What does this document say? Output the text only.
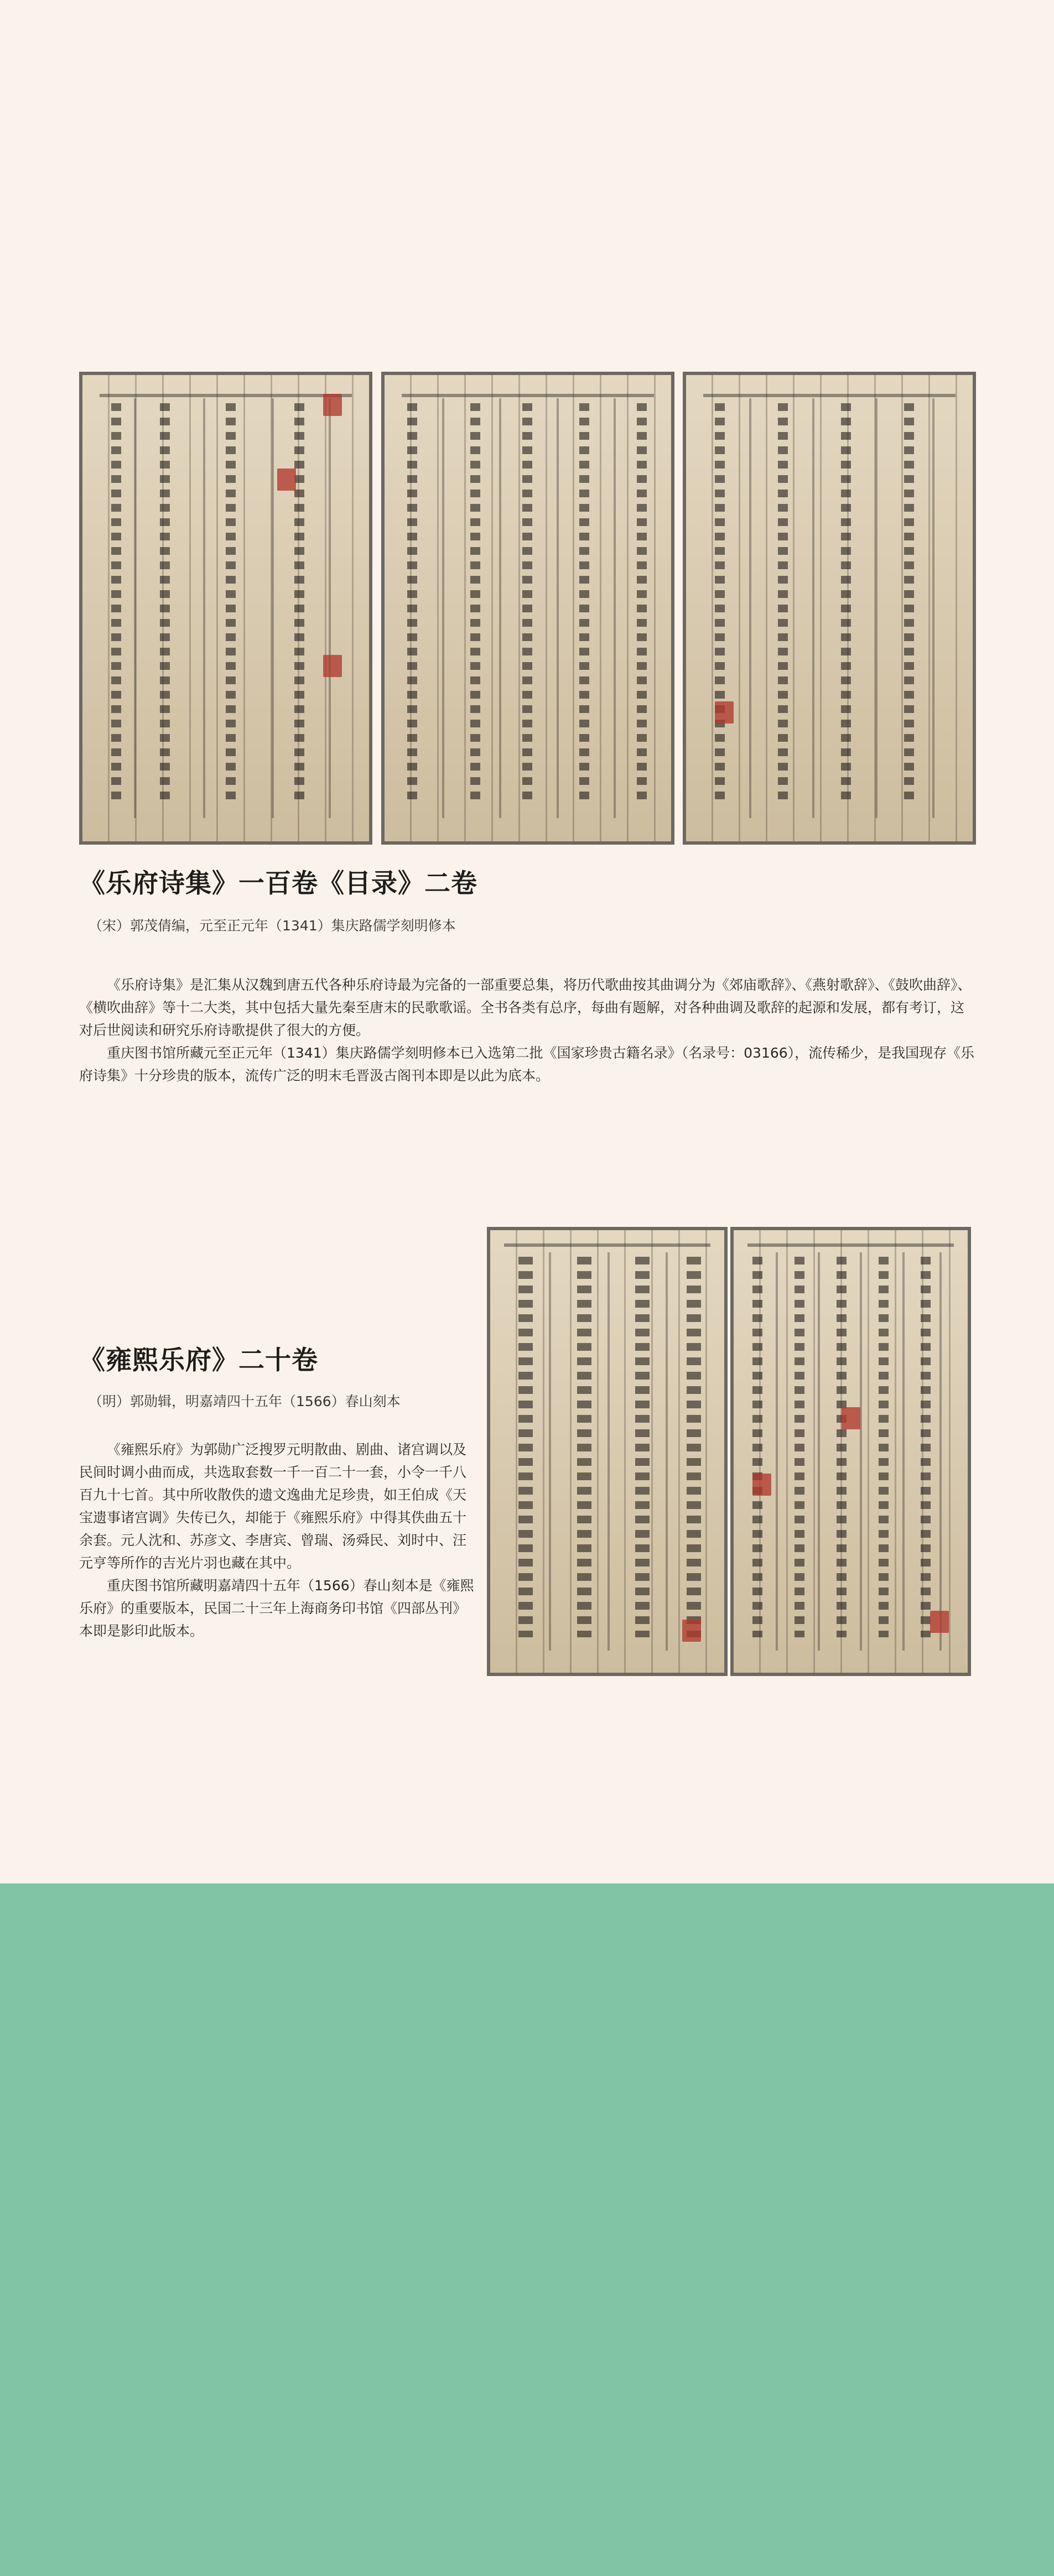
《乐府诗集》一百卷《目录》二卷
（宋）郭茂倩编，元至正元年（1341）集庆路儒学刻明修本

《乐府诗集》是汇集从汉魏到唐五代各种乐府诗最为完备的一部重要总集，将历代歌曲按其曲调分为《郊庙歌辞》、《燕射歌辞》、《鼓吹曲辞》、《横吹曲辞》等十二大类，其中包括大量先秦至唐末的民歌歌谣。全书各类有总序，每曲有题解，对各种曲调及歌辞的起源和发展，都有考订，这对后世阅读和研究乐府诗歌提供了很大的方便。

重庆图书馆所藏元至正元年（1341）集庆路儒学刻明修本已入选第二批《国家珍贵古籍名录》（名录号：03166），流传稀少，是我国现存《乐府诗集》十分珍贵的版本，流传广泛的明末毛晋汲古阁刊本即是以此为底本。

《雍熙乐府》二十卷
（明）郭勋辑，明嘉靖四十五年（1566）春山刻本

《雍熙乐府》为郭勋广泛搜罗元明散曲、剧曲、诸宫调以及民间时调小曲而成，共选取套数一千一百二十一套，小令一千八百九十七首。其中所收散佚的遗文逸曲尤足珍贵，如王伯成《天宝遗事诸宫调》失传已久，却能于《雍熙乐府》中得其佚曲五十余套。元人沈和、苏彦文、李唐宾、曾瑞、汤舜民、刘时中、汪元亨等所作的吉光片羽也藏在其中。

重庆图书馆所藏明嘉靖四十五年（1566）春山刻本是《雍熙乐府》的重要版本，民国二十三年上海商务印书馆《四部丛刊》本即是影印此版本。
